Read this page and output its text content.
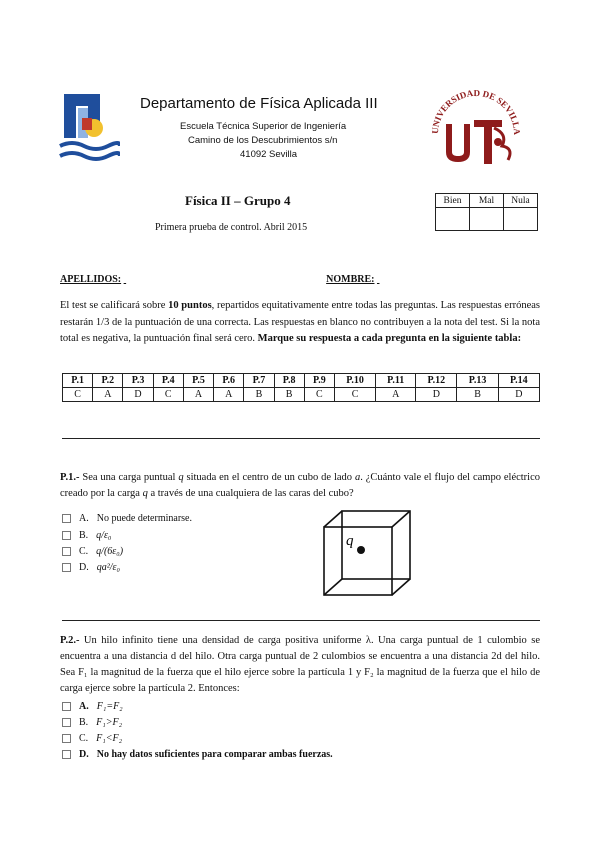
UNIVERSIDAD DE SEVILLA
Departamento de Física Aplicada III
Escuela Técnica Superior de Ingeniería
Camino de los Descubrimientos s/n
41092 Sevilla
Física II – Grupo 4
Primera prueba de control. Abril 2015
Bien	Mal	Nula

APELLIDOS:	NOMBRE:
El test se calificará sobre 10 puntos, repartidos equitativamente entre todas las preguntas. Las respuestas erróneas restarán 1/3 de la puntuación de una correcta. Las respuestas en blanco no contribuyen a la nota del test. Si la nota total es negativa, la puntuación final será cero. Marque su respuesta a cada pregunta en la siguiente tabla:
P.1	P.2	P.3	P.4	P.5	P.6	P.7	P.8	P.9	P.10	P.11	P.12	P.13	P.14
C	A	D	C	A	A	B	B	C	C	A	D	B	D
P.1.- Sea una carga puntual q situada en el centro de un cubo de lado a. ¿Cuánto vale el flujo del campo eléctrico creado por la carga q a través de una cualquiera de las caras del cubo?
A. No puede determinarse.
B. q/ε₀
C. q/(6ε₀)
D. qa²/ε₀
q
P.2.- Un hilo infinito tiene una densidad de carga positiva uniforme λ. Una carga puntual de 1 culombio se encuentra a una distancia d del hilo. Otra carga puntual de 2 culombios se encuentra a una distancia 2d del hilo. Sea F₁ la magnitud de la fuerza que el hilo ejerce sobre la partícula 1 y F₂ la magnitud de la fuerza que el hilo de carga ejerce sobre la partícula 2. Entonces:
A. F₁=F₂
B. F₁>F₂
C. F₁<F₂
D. No hay datos suficientes para comparar ambas fuerzas.
